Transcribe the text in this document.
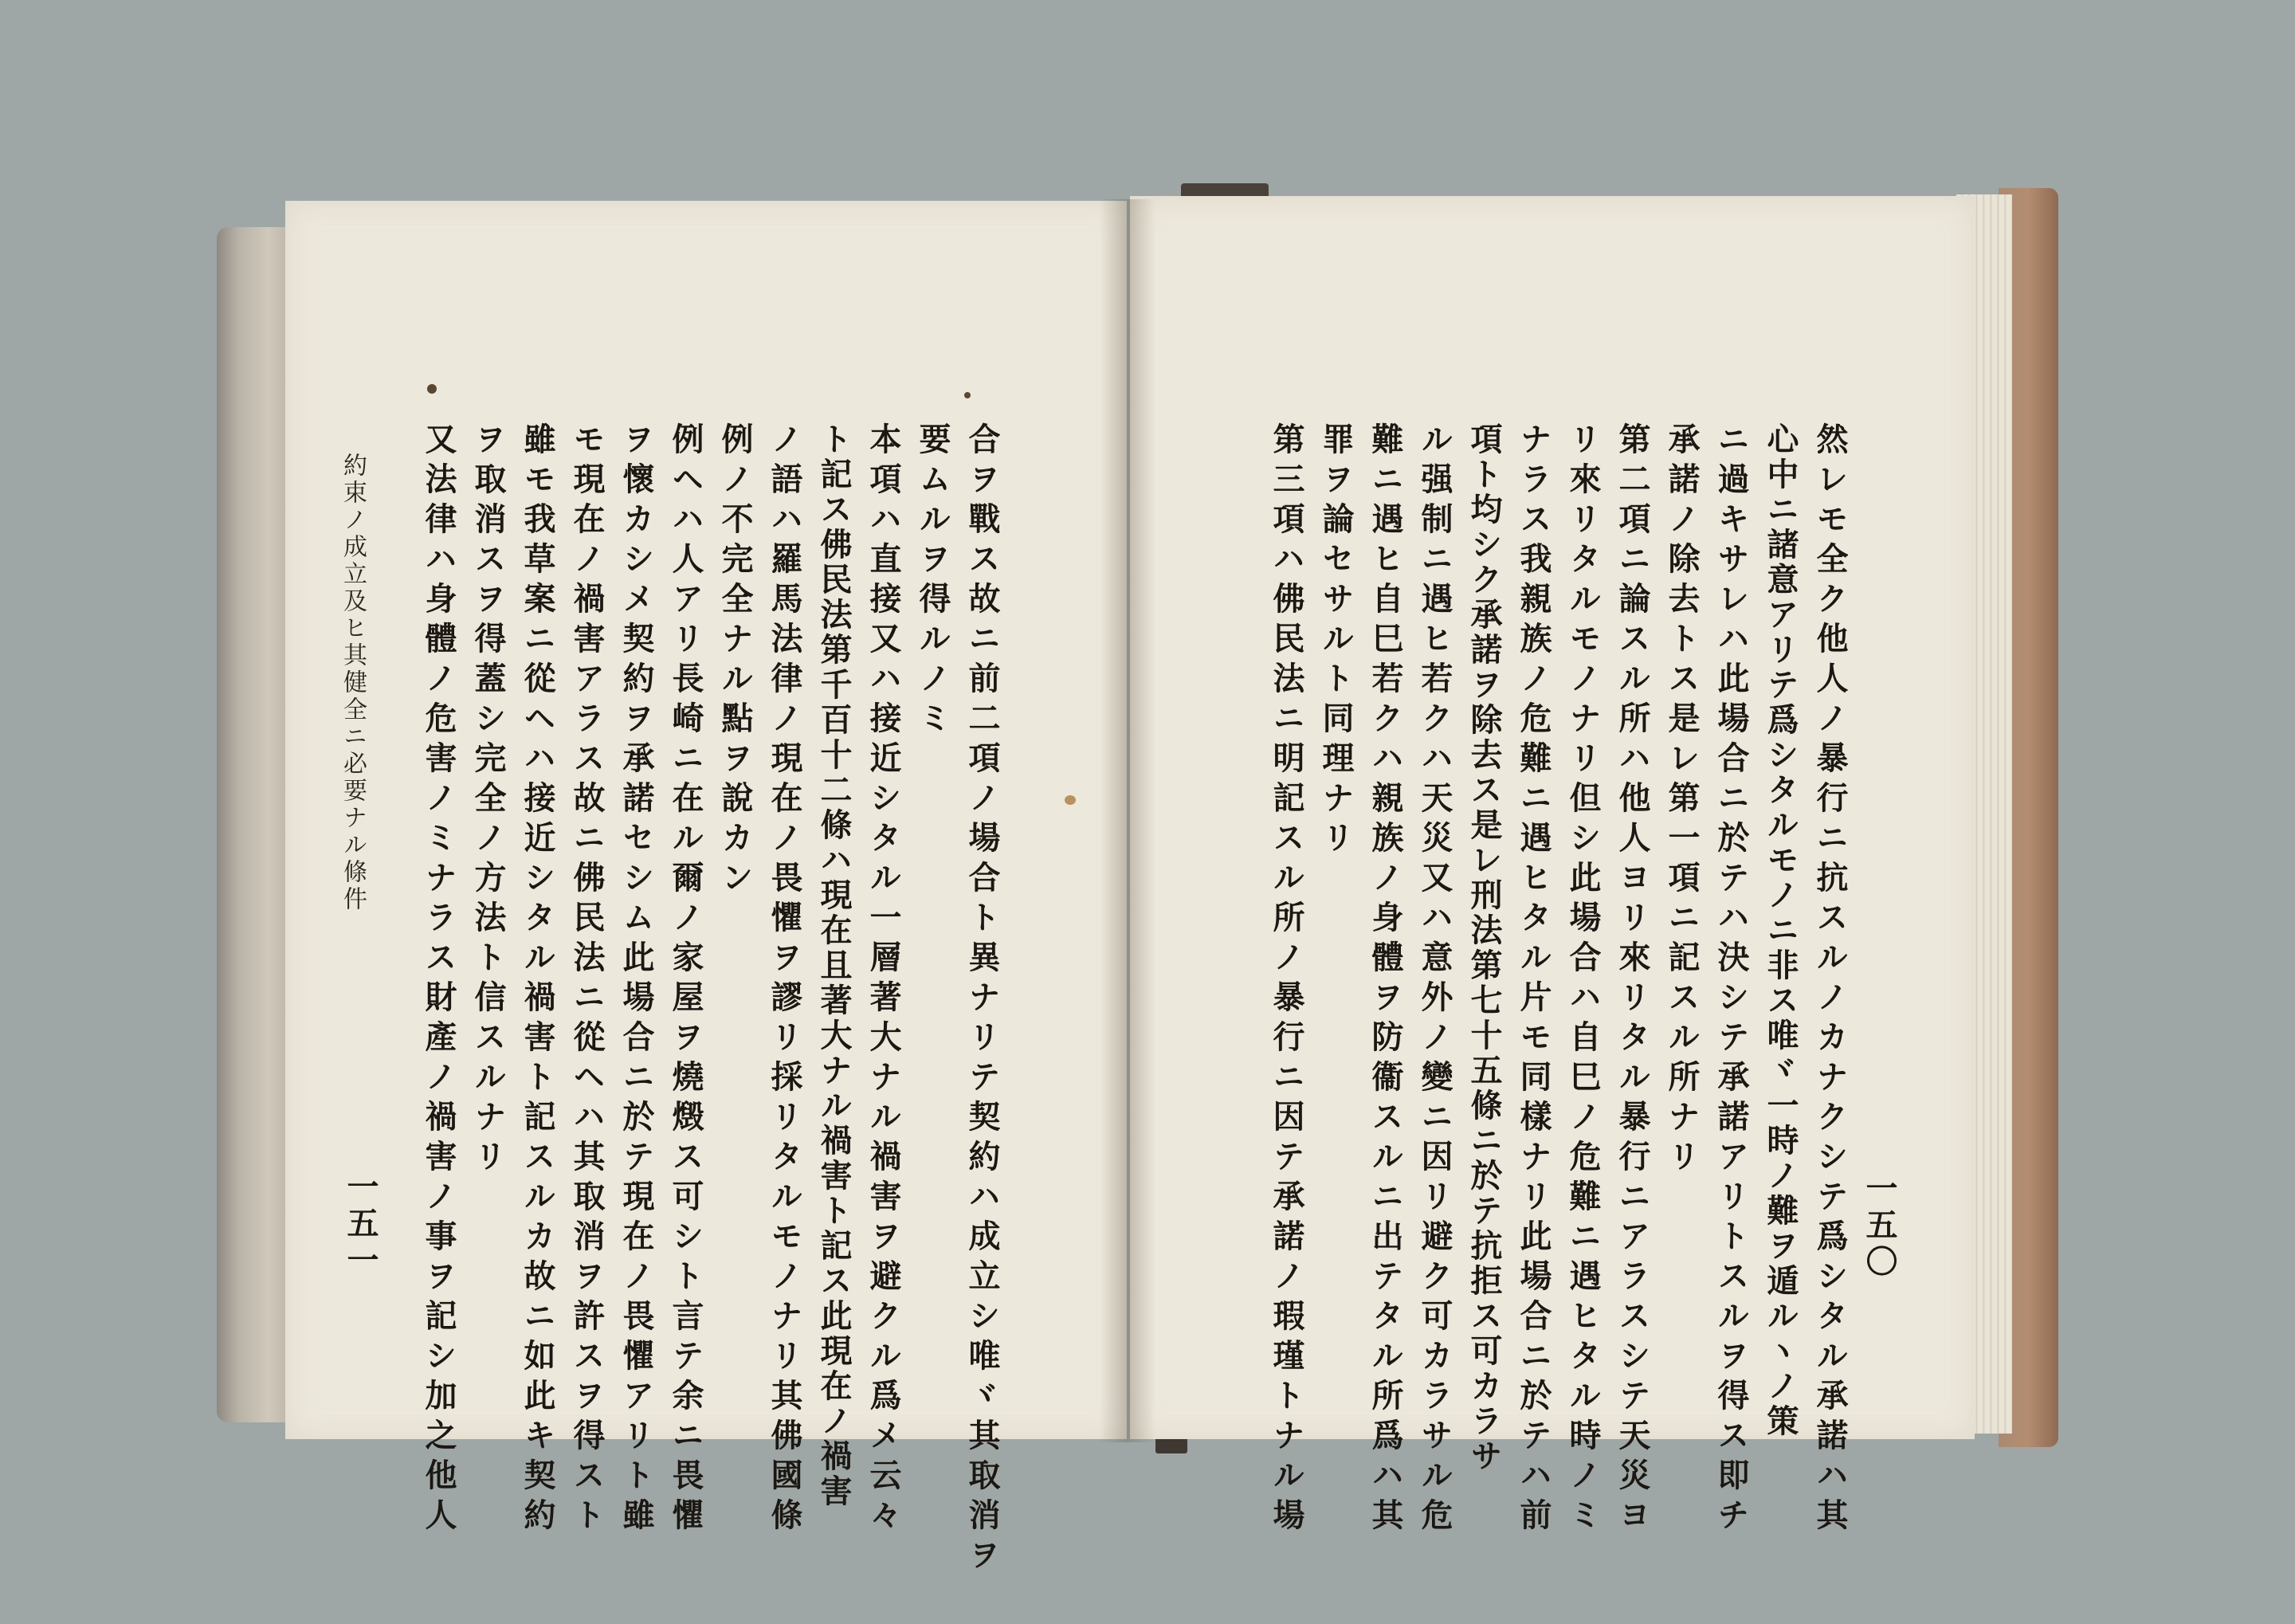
約束ノ成立及ヒ其健全ニ必要ナル條件	合ヲ戰ス故ニ前二項ノ場合ト異ナリテ契約ハ成立シ唯ヾ其取消ヲ
要ムルヲ得ルノミ
本項ハ直接又ハ接近シタル一層著大ナル禍害ヲ避クル爲メ云々
ト記ス佛民法第千百十二條ハ現在且著大ナル禍害ト記ス此現在ノ禍害
ノ語ハ羅馬法律ノ現在ノ畏懼ヲ謬リ採リタルモノナリ其佛國條
例ノ不完全ナル點ヲ說カン
例ヘハ人アリ長崎ニ在ル爾ノ家屋ヲ燒燬ス可シト言テ余ニ畏懼
ヲ懷カシメ契約ヲ承諾セシム此場合ニ於テ現在ノ畏懼アリト雖
モ現在ノ禍害アラス故ニ佛民法ニ從ヘハ其取消ヲ許スヲ得スト
雖モ我草案ニ從ヘハ接近シタル禍害ト記スルカ故ニ如此キ契約
ヲ取消スヲ得蓋シ完全ノ方法ト信スルナリ
又法律ハ身體ノ危害ノミナラス財產ノ禍害ノ事ヲ記シ加之他人
一五一	然レモ全ク他人ノ暴行ニ抗スルノカナクシテ爲シタル承諾ハ其
心中ニ諸意アリテ爲シタルモノニ非ス唯ヾ一時ノ難ヲ遁ルヽノ策
ニ過キサレハ此場合ニ於テハ決シテ承諾アリトスルヲ得ス即チ
承諾ノ除去トス是レ第一項ニ記スル所ナリ
第二項ニ論スル所ハ他人ヨリ來リタル暴行ニアラスシテ天災ヨ
リ來リタルモノナリ但シ此場合ハ自巳ノ危難ニ遇ヒタル時ノミ
ナラス我親族ノ危難ニ遇ヒタル片モ同樣ナリ此場合ニ於テハ前
項ト均シク承諾ヲ除去ス是レ刑法第七十五條ニ於テ抗拒ス可カラサ
ル强制ニ遇ヒ若クハ天災又ハ意外ノ變ニ因リ避ク可カラサル危
難ニ遇ヒ自巳若クハ親族ノ身體ヲ防衞スルニ出テタル所爲ハ其
罪ヲ論セサルト同理ナリ
第三項ハ佛民法ニ明記スル所ノ暴行ニ因テ承諾ノ瑕瑾トナル場	一五〇
